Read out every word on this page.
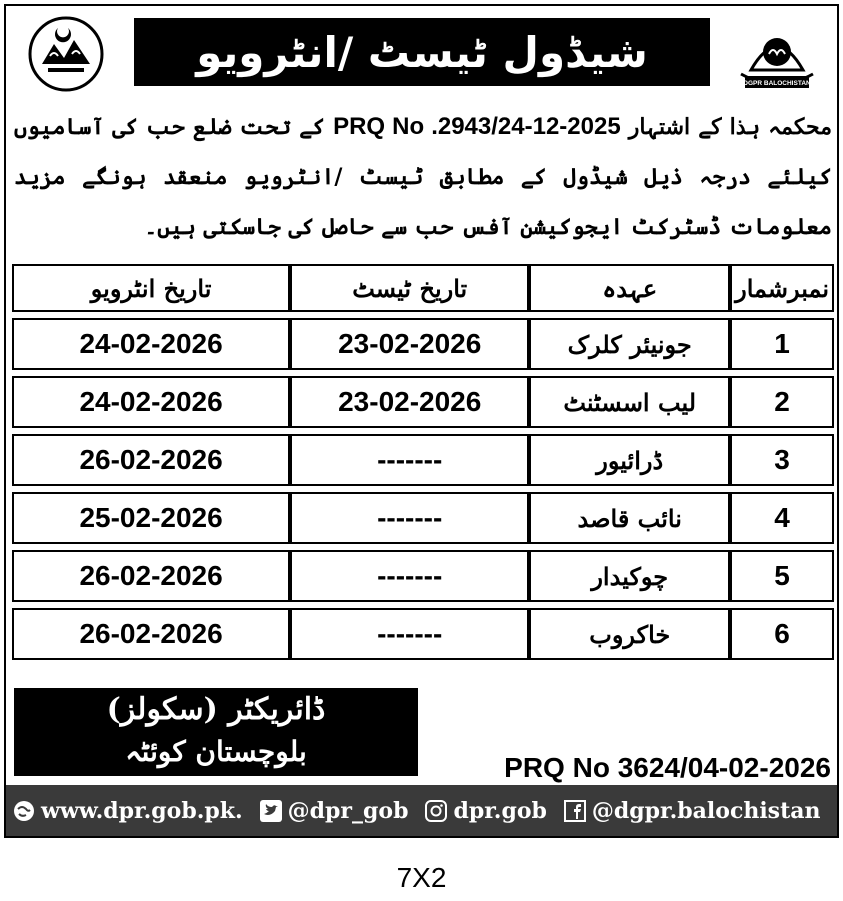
شیڈول ٹیسٹ /انٹرویو
DGPR BALOCHISTAN
محکمہ ہذا کے اشتہار PRQ No .2943/24-12-2025 کے تحت ضلع حب کی آسامیوں کیلئے درجہ ذیل شیڈول کے مطابق ٹیسٹ /انٹرویو منعقد ہونگے مزید معلومات ڈسٹرکٹ ایجوکیشن آفس حب سے حاصل کی جاسکتی ہیں۔
نمبرشمار	عہدہ	تاریخ ٹیسٹ	تاریخ انٹرویو
1	جونیئر کلرک	23-02-2026	24-02-2026
2	لیب اسسٹنٹ	23-02-2026	24-02-2026
3	ڈرائیور	-------	26-02-2026
4	نائب قاصد	-------	25-02-2026
5	چوکیدار	-------	26-02-2026
6	خاکروب	-------	26-02-2026
ڈائریکٹر (سکولز)
بلوچستان کوئٹہ	PRQ No 3624/04-02-2026
www.dpr.gob.pk. @dpr_gob dpr.gob @dgpr.balochistan
7X2
